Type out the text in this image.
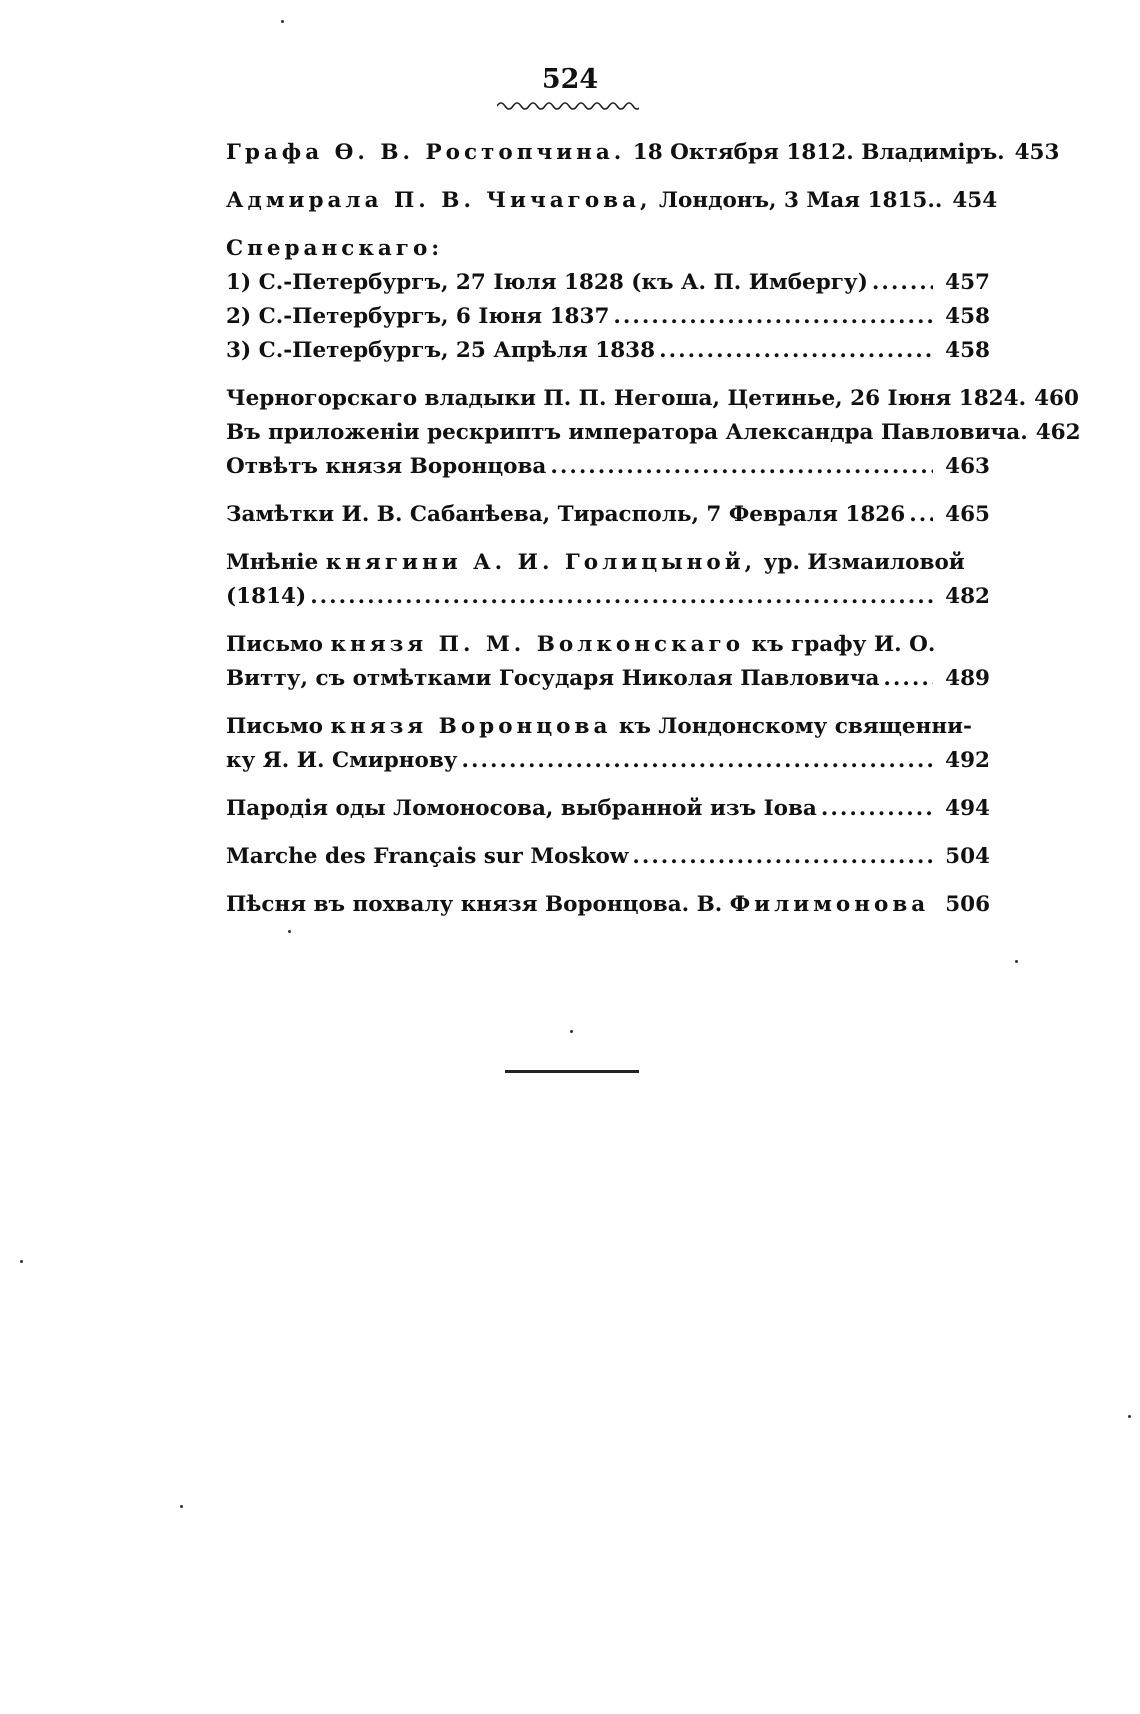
524
Графа Ѳ. В. Ростопчина. 18 Октября 1812. Владиміръ. 453
Адмирала П. В. Чичагова, Лондонъ, 3 Мая 1815.. 454
Сперанскаго:
1) С.-Петербургъ, 27 Іюля 1828 (къ А. П. Имбергу) .....	457
2) С.-Петербургъ, 6 Іюня 1837 .....	458
3) С.-Петербургъ, 25 Апрѣля 1838 .....	458
Черногорскаго владыки П. П. Негоша, Цетинье, 26 Іюня 1824. 460
Въ приложеніи рескриптъ императора Александра Павловича. 462
Отвѣтъ князя Воронцова .....	463
Замѣтки И. В. Сабанѣева, Тирасполь, 7 Февраля 1826 ..... 465
Мнѣніе княгини А. И. Голицыной, ур. Измаиловой
(1814) .....	482
Письмо князя П. М. Волконскаго къ графу И. О.
Витту, съ отмѣтками Государя Николая Павловича .....	489
Письмо князя Воронцова къ Лондонскому священни-
ку Я. И. Смирнову .....	492
Пародія оды Ломоносова, выбранной изъ Іова .....	494
Marche des Français sur Moskow .....	504
Пѣсня въ похвалу князя Воронцова. В. Филимонова 506
